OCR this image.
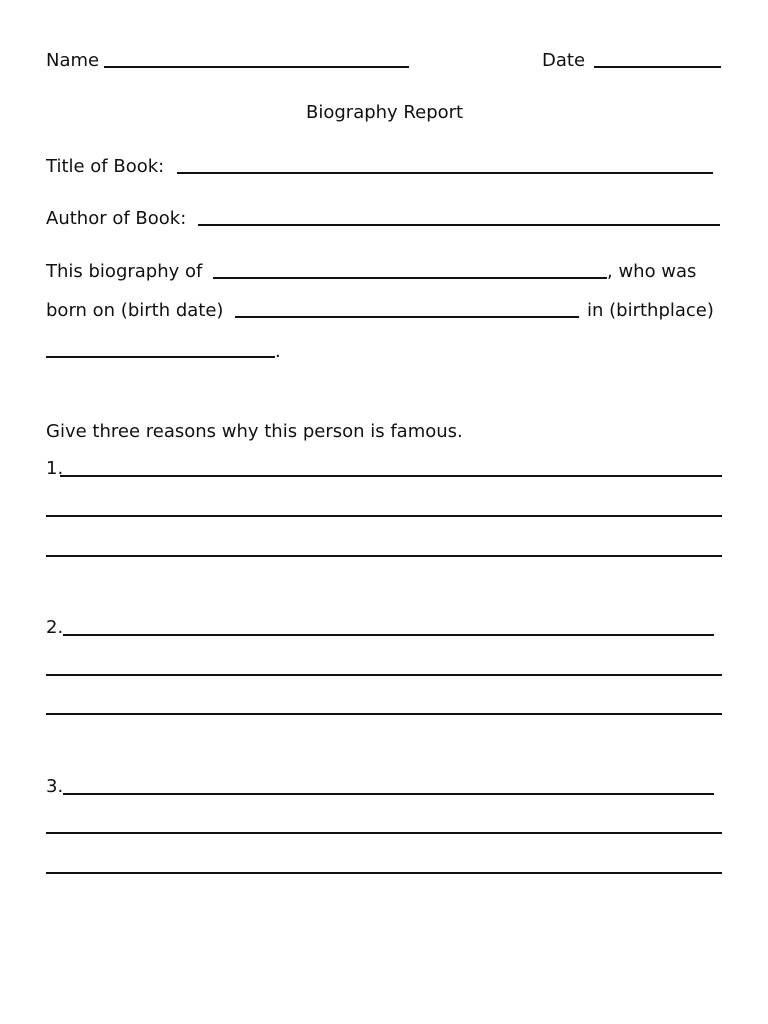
Name	Date
Biography Report
Title of Book:
Author of Book:
This biography of	, who was
born on (birth date)	in (birthplace)
.
Give three reasons why this person is famous.
1.
2.
3.
